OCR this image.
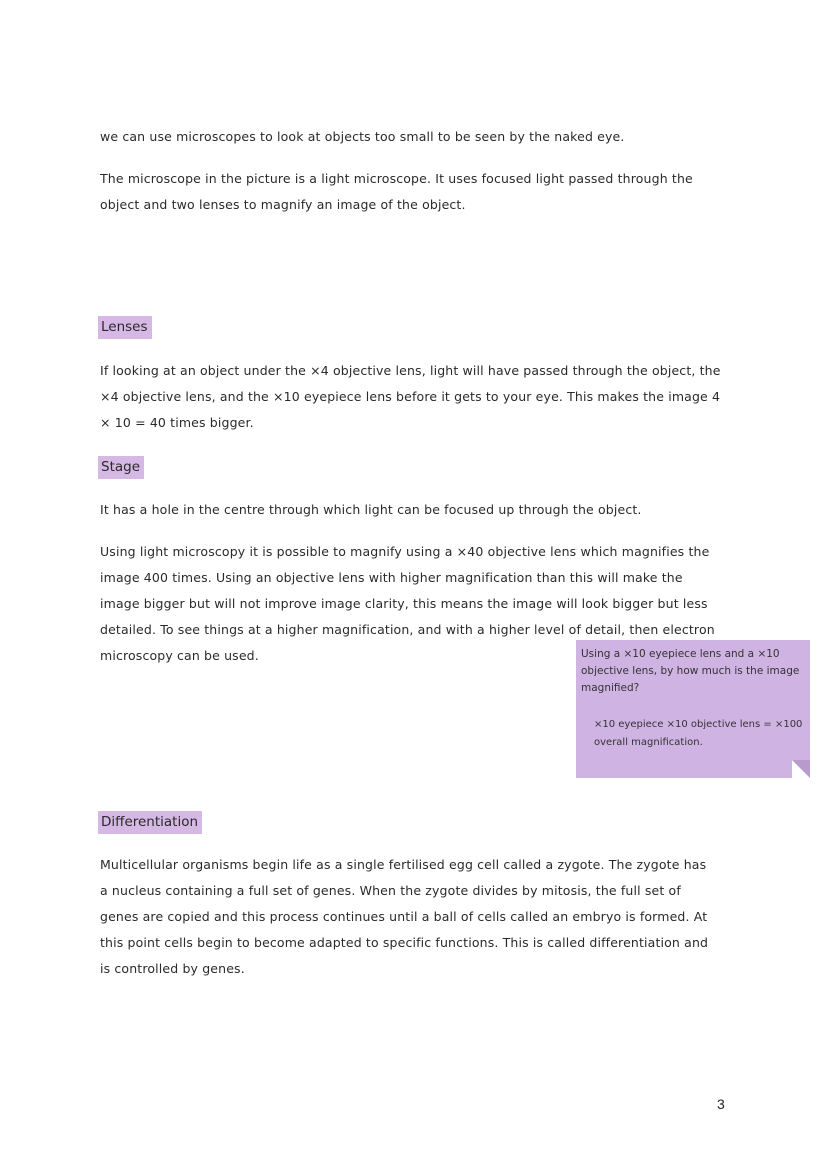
we can use microscopes to look at objects too small to be seen by the naked eye.
The microscope in the picture is a light microscope. It uses focused light passed through the object and two lenses to magnify an image of the object.
Lenses
If looking at an object under the ×4 objective lens, light will have passed through the object, the ×4 objective lens, and the ×10 eyepiece lens before it gets to your eye. This makes the image 4 × 10 = 40 times bigger.
Stage
It has a hole in the centre through which light can be focused up through the object.
Using light microscopy it is possible to magnify using a ×40 objective lens which magnifies the image 400 times. Using an objective lens with higher magnification than this will make the image bigger but will not improve image clarity, this means the image will look bigger but less detailed. To see things at a higher magnification, and with a higher level of detail, then electron microscopy can be used.	Using a ×10 eyepiece lens and a ×10 objective lens, by how much is the image magnified?
×10 eyepiece ×10 objective lens = ×100 overall magnification.
Differentiation
Multicellular organisms begin life as a single fertilised egg cell called a zygote. The zygote has a nucleus containing a full set of genes. When the zygote divides by mitosis, the full set of genes are copied and this process continues until a ball of cells called an embryo is formed. At this point cells begin to become adapted to specific functions. This is called differentiation and is controlled by genes.
3
